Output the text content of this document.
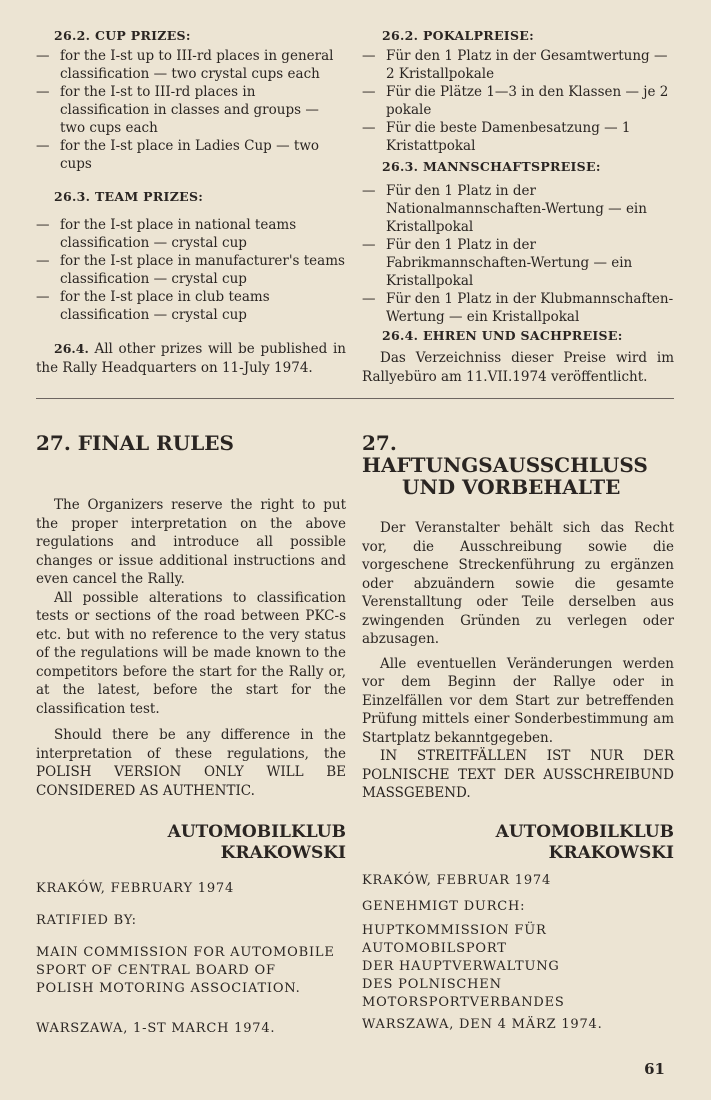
26.2. CUP PRIZES:
— for the I-st up to III-rd places in general classification — two crystal cups each
— for the I-st to III-rd places in classification in classes and groups — two cups each
— for the I-st place in Ladies Cup — two cups
26.3. TEAM PRIZES:
— for the I-st place in national teams classification — crystal cup
— for the I-st place in manufacturer's teams classification — crystal cup
— for the I-st place in club teams classification — crystal cup

26.4. All other prizes will be published in the Rally Headquarters on 11-July 1974.

26.2. POKALPREISE:
— Für den 1 Platz in der Gesamtwertung — 2 Kristallpokale
— Für die Plätze 1—3 in den Klassen — je 2 pokale
— Für die beste Damenbesatzung — 1 Kristattpokal
26.3. MANNSCHAFTSPREISE:
— Für den 1 Platz in der Nationalmannschaften-Wertung — ein Kristallpokal
— Für den 1 Platz in der Fabrikmannschaften-Wertung — ein Kristallpokal
— Für den 1 Platz in der Klubmannschaften-Wertung — ein Kristallpokal
26.4. EHREN UND SACHPREISE:

Das Verzeichniss dieser Preise wird im Rallyebüro am 11.VII.1974 veröffentlicht.

27. FINAL RULES

The Organizers reserve the right to put the proper interpretation on the above regulations and introduce all possible changes or issue additional instructions and even cancel the Rally.

All possible alterations to classification tests or sections of the road between PKC-s etc. but with no reference to the very status of the regulations will be made known to the competitors before the start for the Rally or, at the latest, before the start for the classification test.

Should there be any difference in the interpretation of these regulations, the POLISH VERSION ONLY WILL BE CONSIDERED AS AUTHENTIC.

27. HAFTUNGSAUSSCHLUSS
UND VORBEHALTE

Der Veranstalter behält sich das Recht vor, die Ausschreibung sowie die vorgeschene Streckenführung zu ergänzen oder abzuändern sowie die gesamte Verenstalltung oder Teile derselben aus zwingenden Gründen zu verlegen oder abzusagen.

Alle eventuellen Veränderungen werden vor dem Beginn der Rallye oder in Einzelfällen vor dem Start zur betreffenden Prüfung mittels einer Sonderbestimmung am Startplatz bekanntgegeben.

IN STREITFÄLLEN IST NUR DER POLNISCHE TEXT DER AUSSCHREIBUND MASSGEBEND.

AUTOMOBILKLUB
KRAKOWSKI

KRAKÓW, FEBRUARY 1974

RATIFIED BY:

MAIN COMMISSION FOR AUTOMOBILE SPORT OF CENTRAL BOARD OF POLISH MOTORING ASSOCIATION.

WARSZAWA, 1-ST MARCH 1974.

AUTOMOBILKLUB
KRAKOWSKI

KRAKÓW, FEBRUAR 1974

GENEHMIGT DURCH:

HUPTKOMMISSION FÜR

AUTOMOBILSPORT

DER HAUPTVERWALTUNG

DES POLNISCHEN

MOTORSPORTVERBANDES

WARSZAWA, DEN 4 MÄRZ 1974.

61
